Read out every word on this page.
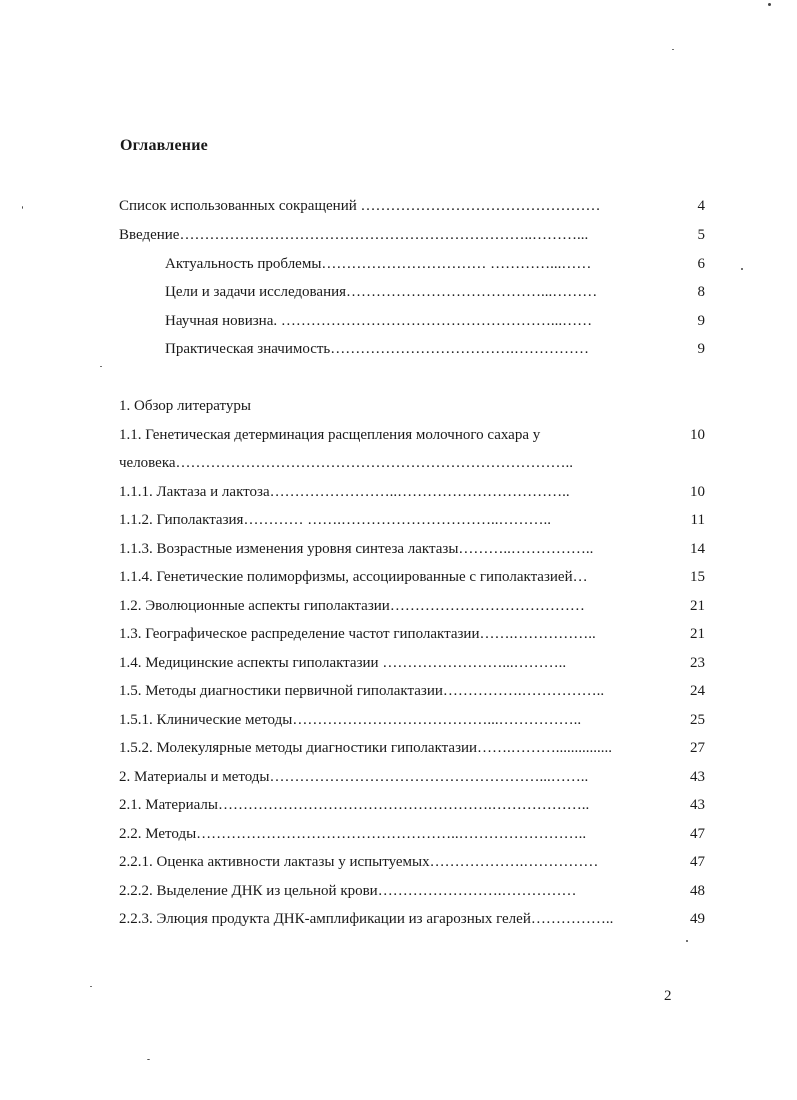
Оглавление
Список использованных сокращений …………………………………………	4
Введение……………………………………………………………..………...	5
Актуальность проблемы…………………………… …………...……	6
Цели и задачи исследования…………………………………...………	8
Научная новизна. ………………………………………………...……	9
Практическая значимость……………………………….……………	9
1. Обзор литературы
1.1. Генетическая детерминация расщепления молочного сахара у	10
человека……………………………………………………………………..
1.1.1. Лактаза и лактоза……………………..……………………………..	10
1.1.2. Гиполактазия………… …….…………………………..………..	11
1.1.3. Возрастные изменения уровня синтеза лактазы………..……………..	14
1.1.4. Генетические полиморфизмы, ассоциированные с гиполактазией…	15
1.2. Эволюционные аспекты гиполактазии…………………………………	21
1.3. Географическое распределение частот гиполактазии…….……………..	21
1.4. Медицинские аспекты гиполактазии ……………………...………..	23
1.5. Методы диагностики первичной гиполактазии…………….……………..	24
1.5.1. Клинические методы…………………………………...……………..	25
1.5.2. Молекулярные методы диагностики гиполактазии…….………...............	27
2. Материалы и методы………………………………………………...……..	43
2.1. Материалы……………………………………………….………………..	43
2.2. Методы……………………………………………..……………………..	47
2.2.1. Оценка активности лактазы у испытуемых……………….……………	47
2.2.2. Выделение ДНК из цельной крови…………………….……………	48
2.2.3. Элюция продукта ДНК-амплификации из агарозных гелей……………..	49
2
